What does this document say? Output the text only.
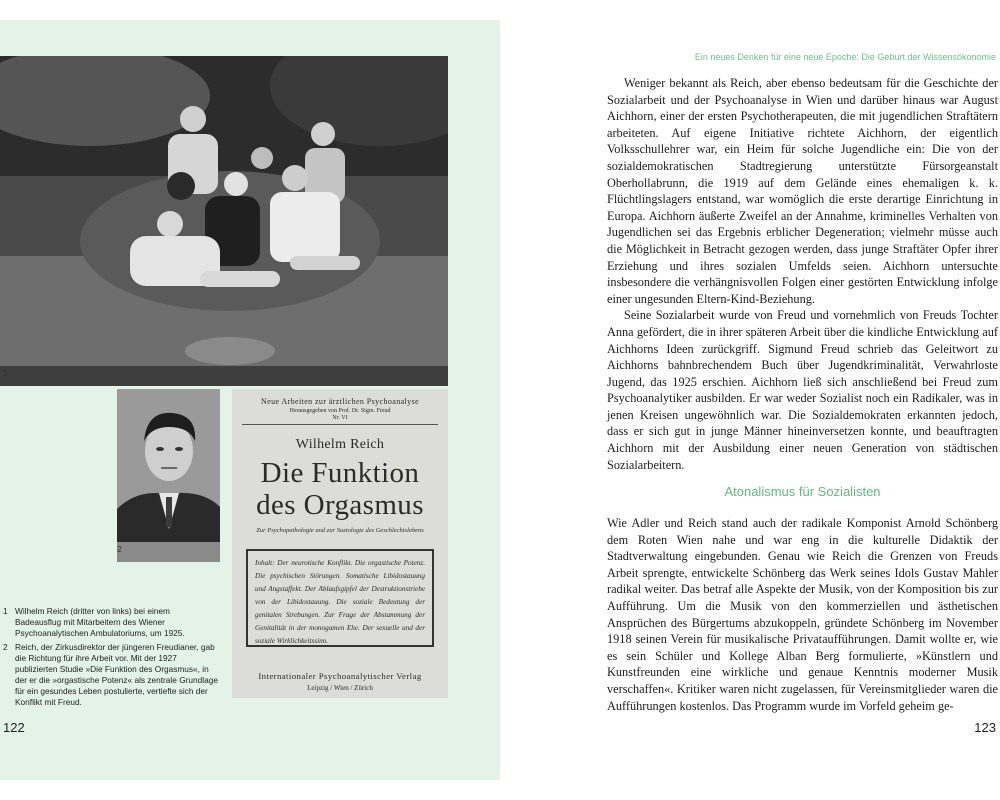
1
2
Neue Arbeiten zur ärztlichen Psychoanalyse
Herausgegeben von Prof. Dr. Sigm. Freud
Nr. VI
Wilhelm Reich
Die Funktion
des Orgasmus
Zur Psychopathologie und zur Soziologie des Geschlechtslebens
Inhalt: Der neurotische Konflikt. Die orgastische Potenz. Die psychischen Störungen. Somatische Libidostauung und Angstaffekt. Der Ablaufsgipfel der Destruktionstriebe von der Libidostauung. Die soziale Bedeutung der genitalen Strebungen. Zur Frage der Abstammung der Genitalität in der monogamen Ehe. Der sexuelle und der soziale Wirklichkeitssinn.
Internationaler Psychoanalytischer Verlag
Leipzig / Wien / Zürich
1 Wilhelm Reich (dritter von links) bei einem Badeausflug mit Mitarbeitern des Wiener Psychoanalytischen Ambulatoriums, um 1925.
2 Reich, der Zirkusdirektor der jüngeren Freudianer, gab die Richtung für ihre Arbeit vor. Mit der 1927 publizierten Studie »Die Funktion des Orgasmus«, in der er die »orgastische Potenz« als zentrale Grundlage für ein gesundes Leben postulierte, vertiefte sich der Konflikt mit Freud.
122
Ein neues Denken für eine neue Epoche: Die Geburt der Wissensökonomie

Weniger bekannt als Reich, aber ebenso bedeutsam für die Geschichte der Sozialarbeit und der Psychoanalyse in Wien und darüber hinaus war August Aichhorn, einer der ersten Psychotherapeuten, die mit jugendlichen Straftätern arbeiteten. Auf eigene Initiative richtete Aichhorn, der eigentlich Volksschullehrer war, ein Heim für solche Jugendliche ein: Die von der sozialdemokratischen Stadtregierung unterstützte Fürsorgeanstalt Oberhollabrunn, die 1919 auf dem Gelände eines ehemaligen k. k. Flüchtlingslagers entstand, war womöglich die erste derartige Einrichtung in Europa. Aichhorn äußerte Zweifel an der Annahme, kriminelles Verhalten von Jugendlichen sei das Ergebnis erblicher Degeneration; vielmehr müsse auch die Möglichkeit in Betracht gezogen werden, dass junge Straftäter Opfer ihrer Erziehung und ihres sozialen Umfelds seien. Aichhorn untersuchte insbesondere die verhängnisvollen Folgen einer gestörten Entwicklung infolge einer ungesunden Eltern-Kind-Beziehung.

Seine Sozialarbeit wurde von Freud und vornehmlich von Freuds Tochter Anna gefördert, die in ihrer späteren Arbeit über die kindliche Entwicklung auf Aichhorns Ideen zurückgriff. Sigmund Freud schrieb das Geleitwort zu Aichhorns bahnbrechendem Buch über Jugendkriminalität, Verwahrloste Jugend, das 1925 erschien. Aichhorn ließ sich anschließend bei Freud zum Psychoanalytiker ausbilden. Er war weder Sozialist noch ein Radikaler, was in jenen Kreisen ungewöhnlich war. Die Sozialdemokraten erkannten jedoch, dass er sich gut in junge Männer hineinversetzen konnte, und beauftragten Aichhorn mit der Ausbildung einer neuen Generation von städtischen Sozialarbeitern.

Atonalismus für Sozialisten

Wie Adler und Reich stand auch der radikale Komponist Arnold Schönberg dem Roten Wien nahe und war eng in die kulturelle Didaktik der Stadtverwaltung eingebunden. Genau wie Reich die Grenzen von Freuds Arbeit sprengte, entwickelte Schönberg das Werk seines Idols Gustav Mahler radikal weiter. Das betraf alle Aspekte der Musik, von der Komposition bis zur Aufführung. Um die Musik von den kommerziellen und ästhetischen Ansprüchen des Bürgertums abzukoppeln, gründete Schönberg im November 1918 seinen Verein für musikalische Privataufführungen. Damit wollte er, wie es sein Schüler und Kollege Alban Berg formulierte, »Künstlern und Kunstfreunden eine wirkliche und genaue Kenntnis moderner Musik verschaffen«. Kritiker waren nicht zugelassen, für Vereinsmitglieder waren die Aufführungen kostenlos. Das Programm wurde im Vorfeld geheim ge-

123
